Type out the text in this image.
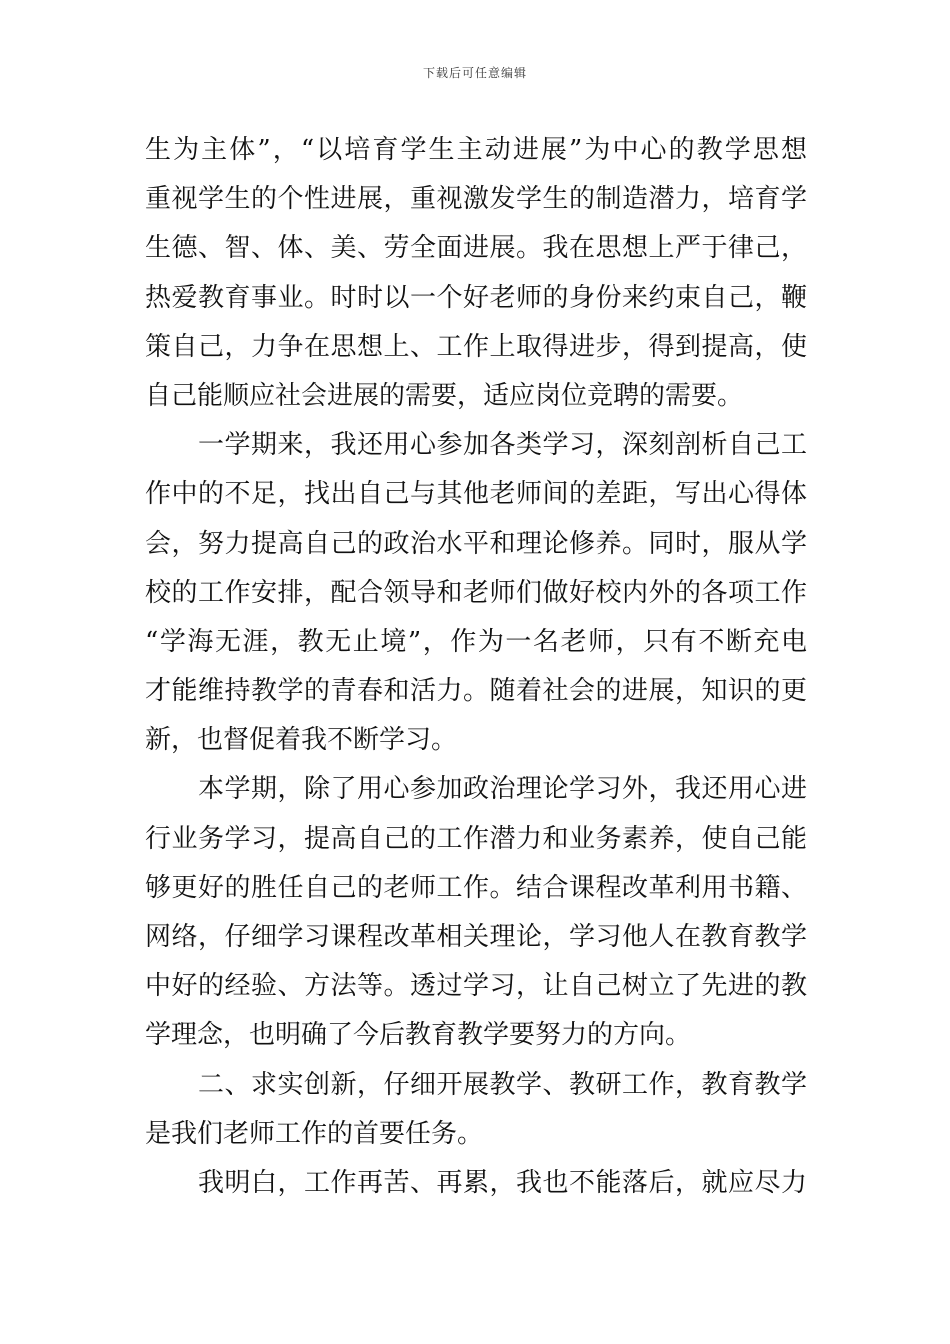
下载后可任意编辑
生为主体”，“以培育学生主动进展”为中心的教学思想
重视学生的个性进展，重视激发学生的制造潜力，培育学
生德、智、体、美、劳全面进展。我在思想上严于律己，
热爱教育事业。时时以一个好老师的身份来约束自己，鞭
策自己，力争在思想上、工作上取得进步，得到提高，使
自己能顺应社会进展的需要，适应岗位竞聘的需要。
一学期来，我还用心参加各类学习，深刻剖析自己工
作中的不足，找出自己与其他老师间的差距，写出心得体
会，努力提高自己的政治水平和理论修养。同时，服从学
校的工作安排，配合领导和老师们做好校内外的各项工作
“学海无涯，教无止境”，作为一名老师，只有不断充电
才能维持教学的青春和活力。随着社会的进展，知识的更
新，也督促着我不断学习。
本学期，除了用心参加政治理论学习外，我还用心进
行业务学习，提高自己的工作潜力和业务素养，使自己能
够更好的胜任自己的老师工作。结合课程改革利用书籍、
网络，仔细学习课程改革相关理论，学习他人在教育教学
中好的经验、方法等。透过学习，让自己树立了先进的教
学理念，也明确了今后教育教学要努力的方向。
二、求实创新，仔细开展教学、教研工作，教育教学
是我们老师工作的首要任务。
我明白，工作再苦、再累，我也不能落后，就应尽力
